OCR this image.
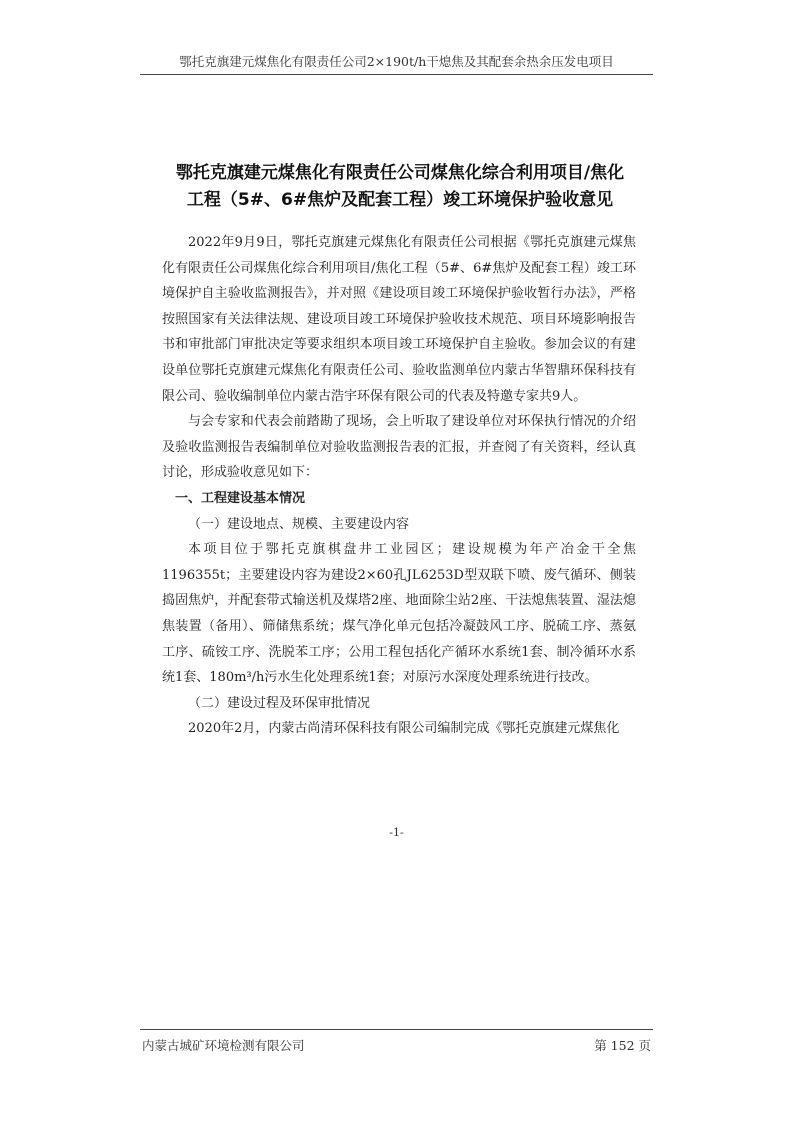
鄂托克旗建元煤焦化有限责任公司2×190t/h干熄焦及其配套余热余压发电项目
鄂托克旗建元煤焦化有限责任公司煤焦化综合利用项目/焦化
工程（5#、6#焦炉及配套工程）竣工环境保护验收意见

2022年9月9日，鄂托克旗建元煤焦化有限责任公司根据《鄂托克旗建元煤焦化有限责任公司煤焦化综合利用项目/焦化工程（5#、6#焦炉及配套工程）竣工环境保护自主验收监测报告》，并对照《建设项目竣工环境保护验收暂行办法》，严格按照国家有关法律法规、建设项目竣工环境保护验收技术规范、项目环境影响报告书和审批部门审批决定等要求组织本项目竣工环境保护自主验收。参加会议的有建设单位鄂托克旗建元煤焦化有限责任公司、验收监测单位内蒙古华智鼎环保科技有限公司、验收编制单位内蒙古浩宇环保有限公司的代表及特邀专家共9人。

与会专家和代表会前踏勘了现场，会上听取了建设单位对环保执行情况的介绍及验收监测报告表编制单位对验收监测报告表的汇报，并查阅了有关资料，经认真讨论，形成验收意见如下：

一、工程建设基本情况
（一）建设地点、规模、主要建设内容

本项目位于鄂托克旗棋盘井工业园区；建设规模为年产冶金干全焦1196355t；主要建设内容为建设2×60孔JL6253D型双联下喷、废气循环、侧装捣固焦炉，并配套带式输送机及煤塔2座、地面除尘站2座、干法熄焦装置、湿法熄焦装置（备用）、筛储焦系统；煤气净化单元包括冷凝鼓风工序、脱硫工序、蒸氨工序、硫铵工序、洗脱苯工序；公用工程包括化产循环水系统1套、制冷循环水系统1套、180m³/h污水生化处理系统1套；对原污水深度处理系统进行技改。

（二）建设过程及环保审批情况

2020年2月，内蒙古尚清环保科技有限公司编制完成《鄂托克旗建元煤焦化

-1-
内蒙古城矿环境检测有限公司	第 152 页
